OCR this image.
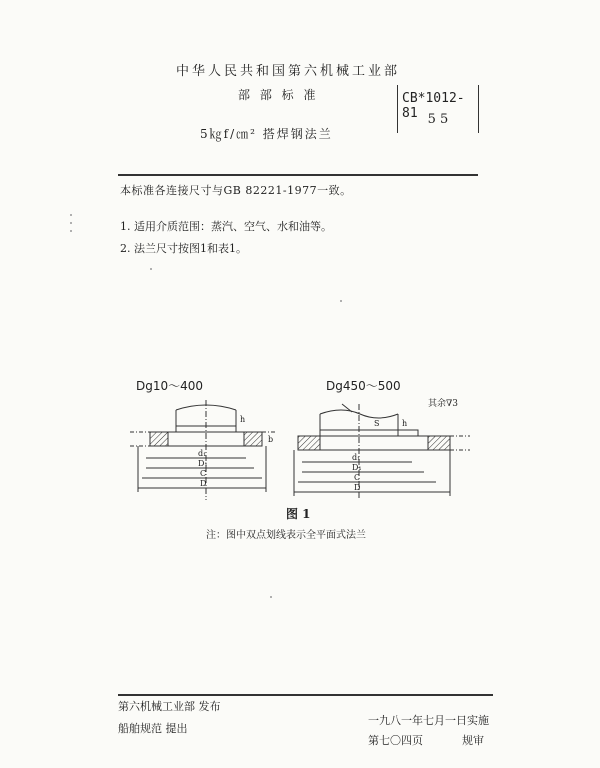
中华人民共和国第六机械工业部
部 部 标 准
5㎏f/㎝² 搭焊钢法兰
CB*1012-81 5 5
本标准各连接尺寸与GB 82221-1977一致。
1. 适用介质范围：蒸汽、空气、水和油等。
2. 法兰尺寸按图1和表1。
d₁
D₁
C
D
b
h
d₁
D₁
C
D
h
S
Dg10～400	Dg450～500
其余∇3
图 1
注：图中双点划线表示全平面式法兰
第六机械工业部 发布
船舶规范 提出
一九八一年七月一日实施
第七〇四页	规审
